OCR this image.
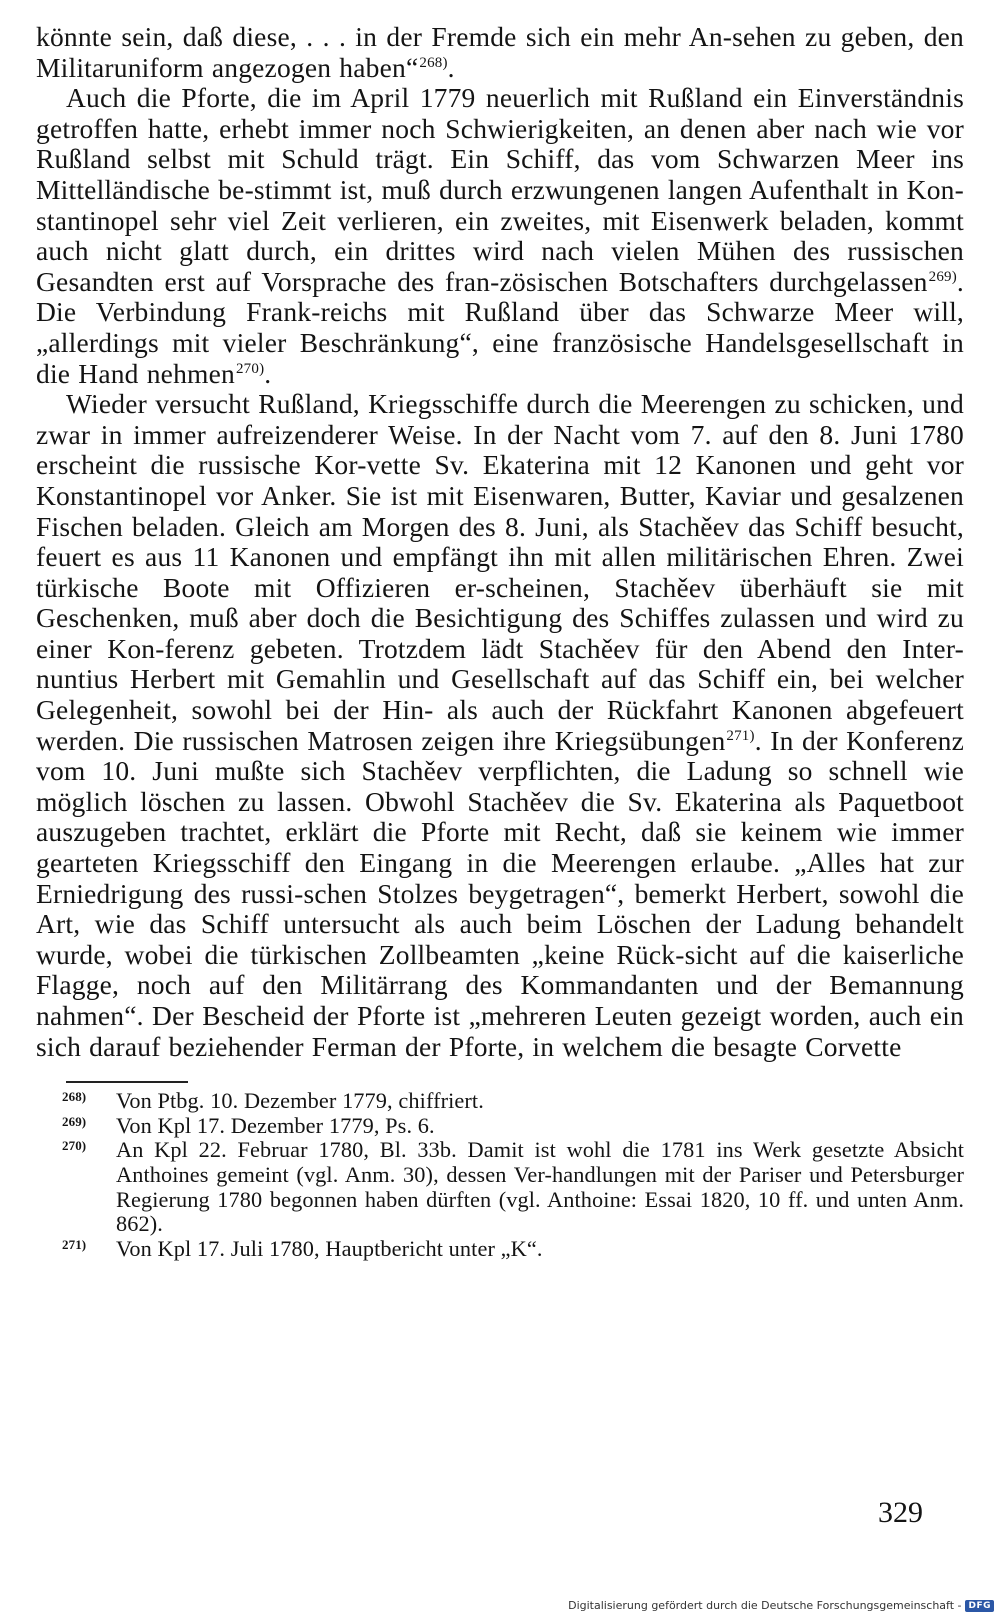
könnte sein, daß diese, . . . in der Fremde sich ein mehr An-sehen zu geben, den Militaruniform angezogen haben“$^{268)}$.

Auch die Pforte, die im April 1779 neuerlich mit Rußland ein Einverständnis getroffen hatte, erhebt immer noch Schwierigkeiten, an denen aber nach wie vor Rußland selbst mit Schuld trägt. Ein Schiff, das vom Schwarzen Meer ins Mittelländische be-stimmt ist, muß durch erzwungenen langen Aufenthalt in Kon-stantinopel sehr viel Zeit verlieren, ein zweites, mit Eisenwerk beladen, kommt auch nicht glatt durch, ein drittes wird nach vielen Mühen des russischen Gesandten erst auf Vorsprache des fran-zösischen Botschafters durchgelassen$^{269)}$. Die Verbindung Frank-reichs mit Rußland über das Schwarze Meer will, „allerdings mit vieler Beschränkung“, eine französische Handelsgesellschaft in die Hand nehmen$^{270)}$.

Wieder versucht Rußland, Kriegsschiffe durch die Meerengen zu schicken, und zwar in immer aufreizenderer Weise. In der Nacht vom 7. auf den 8. Juni 1780 erscheint die russische Kor-vette Sv. Ekaterina mit 12 Kanonen und geht vor Konstantinopel vor Anker. Sie ist mit Eisenwaren, Butter, Kaviar und gesalzenen Fischen beladen. Gleich am Morgen des 8. Juni, als Stachěev das Schiff besucht, feuert es aus 11 Kanonen und empfängt ihn mit allen militärischen Ehren. Zwei türkische Boote mit Offizieren er-scheinen, Stachěev überhäuft sie mit Geschenken, muß aber doch die Besichtigung des Schiffes zulassen und wird zu einer Kon-ferenz gebeten. Trotzdem lädt Stachěev für den Abend den Inter-nuntius Herbert mit Gemahlin und Gesellschaft auf das Schiff ein, bei welcher Gelegenheit, sowohl bei der Hin- als auch der Rückfahrt Kanonen abgefeuert werden. Die russischen Matrosen zeigen ihre Kriegsübungen$^{271)}$. In der Konferenz vom 10. Juni mußte sich Stachěev verpflichten, die Ladung so schnell wie möglich löschen zu lassen. Obwohl Stachěev die Sv. Ekaterina als Paquetboot auszugeben trachtet, erklärt die Pforte mit Recht, daß sie keinem wie immer gearteten Kriegsschiff den Eingang in die Meerengen erlaube. „Alles hat zur Erniedrigung des russi-schen Stolzes beygetragen“, bemerkt Herbert, sowohl die Art, wie das Schiff untersucht als auch beim Löschen der Ladung behandelt wurde, wobei die türkischen Zollbeamten „keine Rück-sicht auf die kaiserliche Flagge, noch auf den Militärrang des Kommandanten und der Bemannung nahmen“. Der Bescheid der Pforte ist „mehreren Leuten gezeigt worden, auch ein sich darauf beziehender Ferman der Pforte, in welchem die besagte Corvette

268) Von Ptbg. 10. Dezember 1779, chiffriert.

269) Von Kpl 17. Dezember 1779, Ps. 6.

270) An Kpl 22. Februar 1780, Bl. 33b. Damit ist wohl die 1781 ins Werk gesetzte Absicht Anthoines gemeint (vgl. Anm. 30), dessen Ver-handlungen mit der Pariser und Petersburger Regierung 1780 begonnen haben dürften (vgl. Anthoine: Essai 1820, 10 ff. und unten Anm. 862).

271) Von Kpl 17. Juli 1780, Hauptbericht unter „K“.

329
Digitalisierung gefördert durch die Deutsche Forschungsgemeinschaft - DFG
